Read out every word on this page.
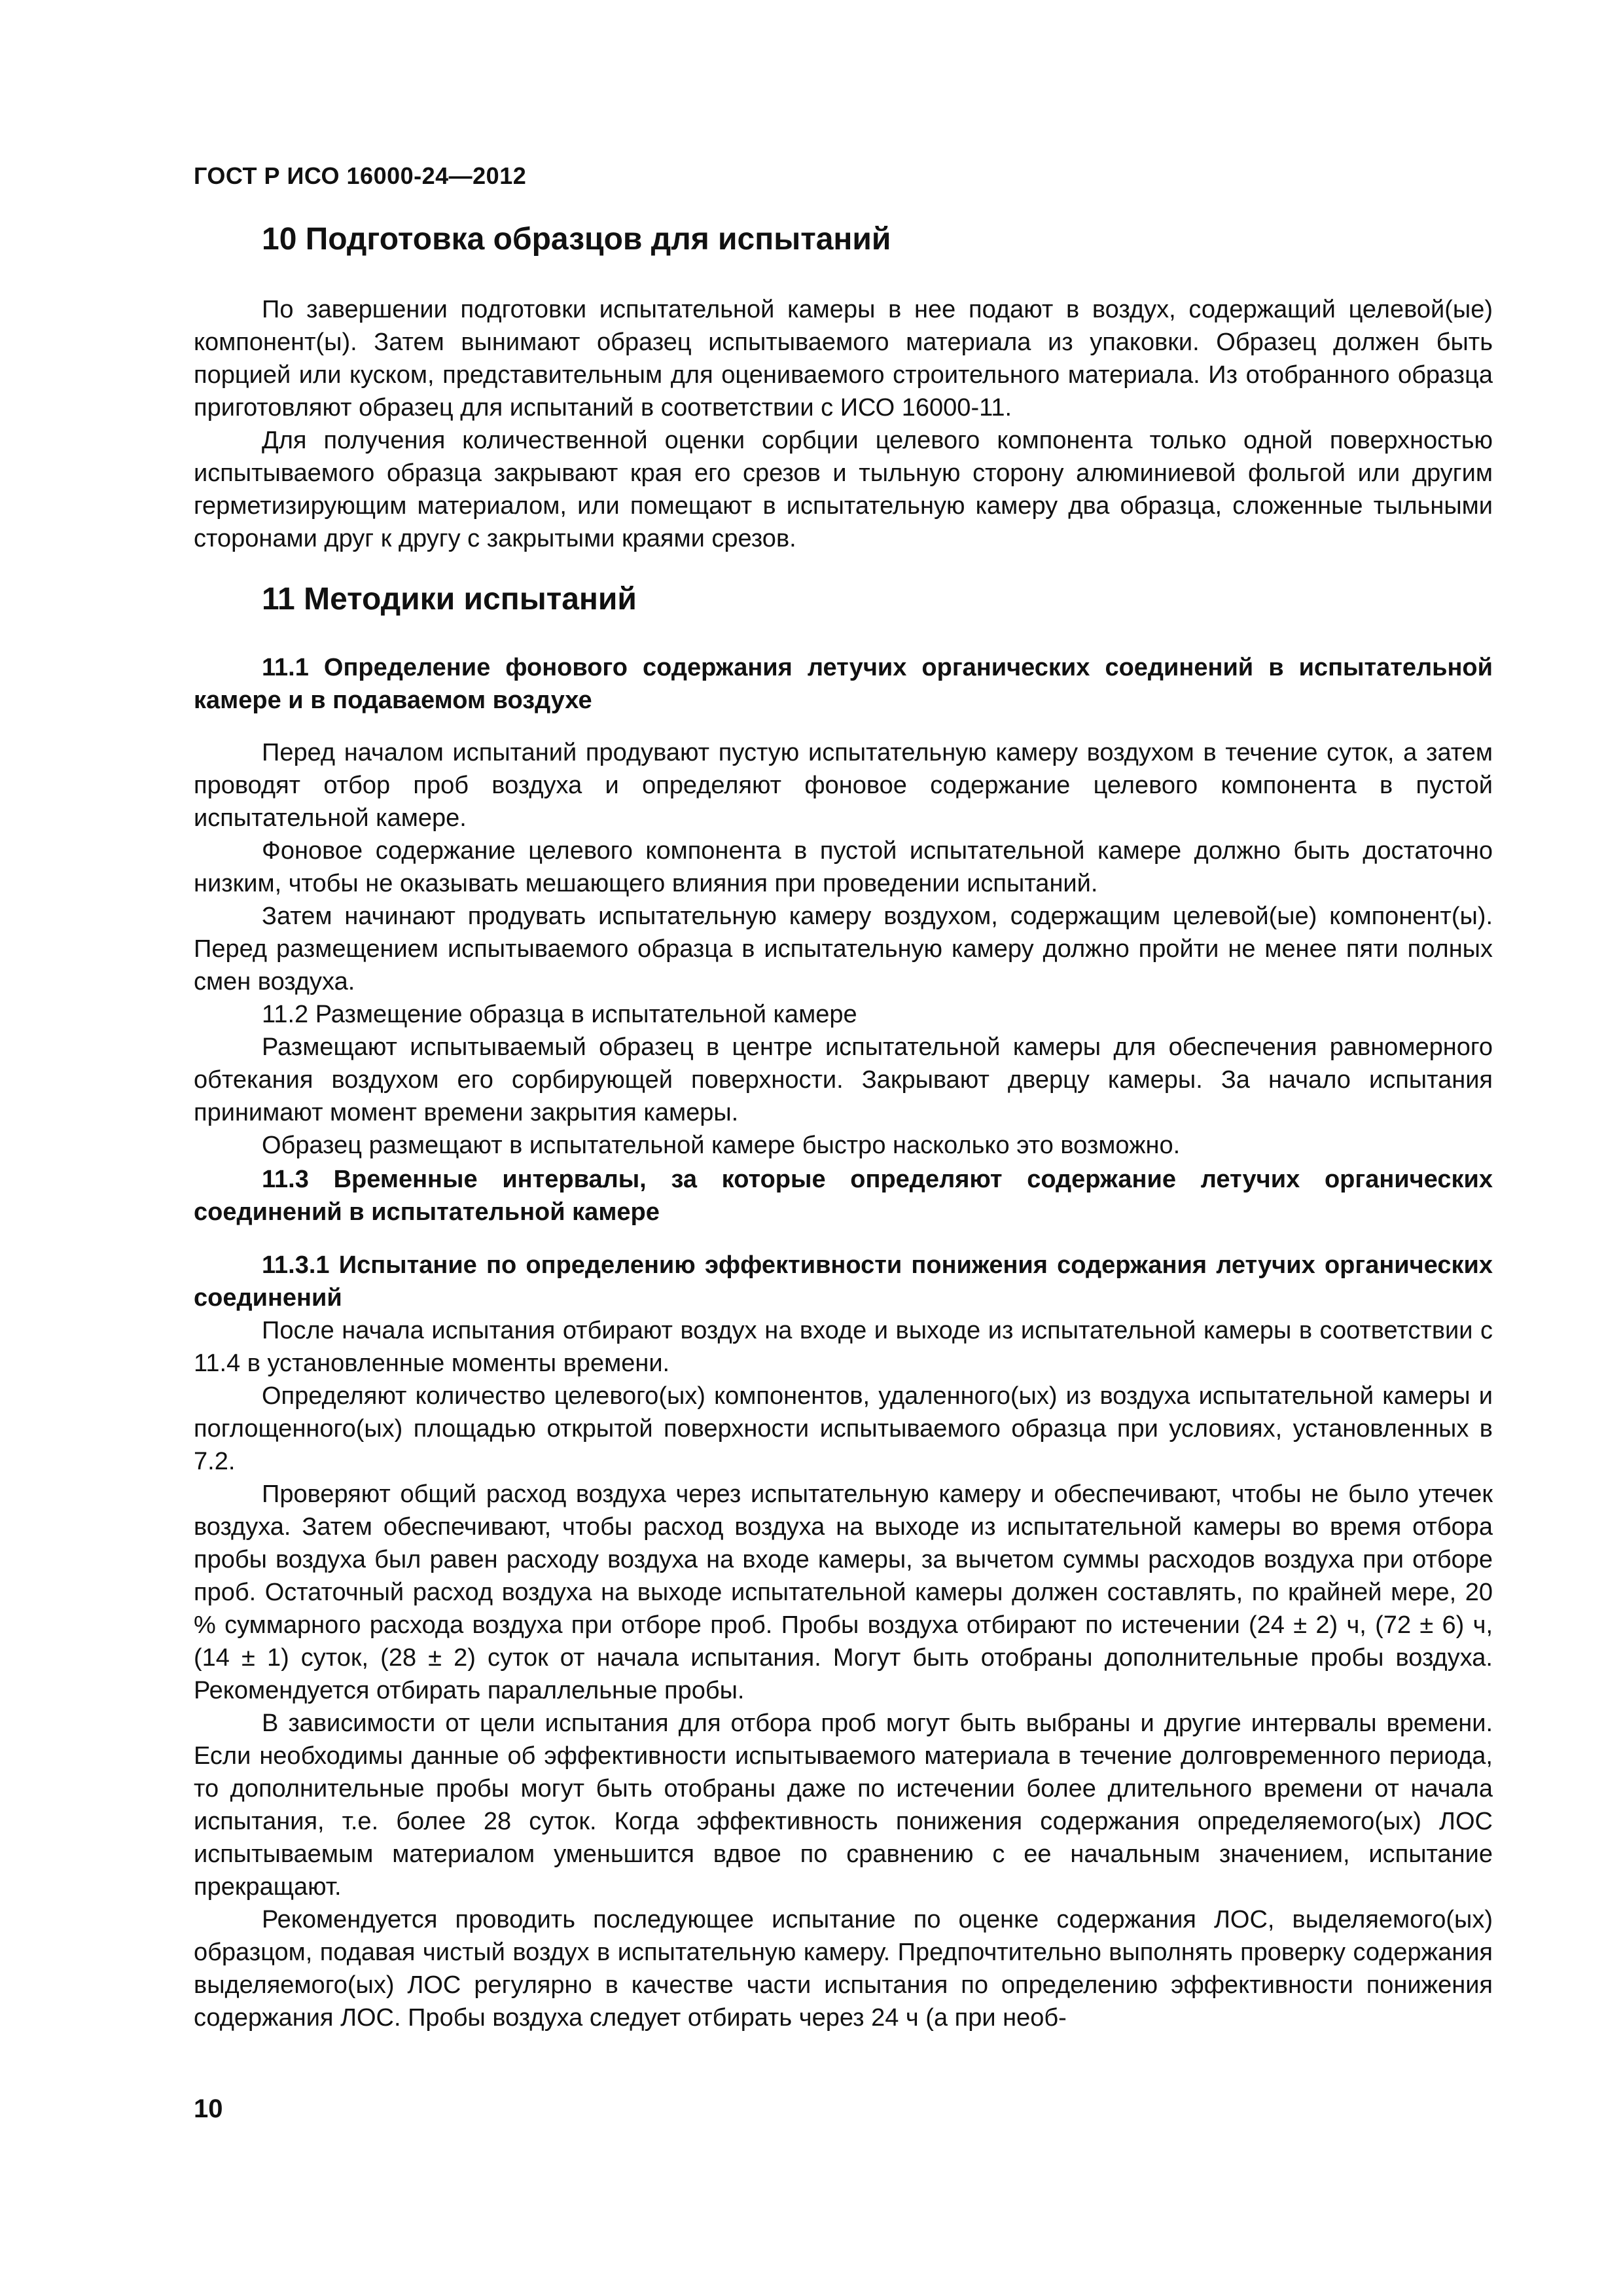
ГОСТ Р ИСО 16000-24—2012
10 Подготовка образцов для испытаний

По завершении подготовки испытательной камеры в нее подают в воздух, содержащий целевой(ые) компонент(ы). Затем вынимают образец испытываемого материала из упаковки. Образец должен быть порцией или куском, представительным для оцениваемого строительного материала. Из отобранного образца приготовляют образец для испытаний в соответствии с ИСО 16000-11.

Для получения количественной оценки сорбции целевого компонента только одной поверхностью испытываемого образца закрывают края его срезов и тыльную сторону алюминиевой фольгой или другим герметизирующим материалом, или помещают в испытательную камеру два образца, сложенные тыльными сторонами друг к другу с закрытыми краями срезов.

11 Методики испытаний

11.1 Определение фонового содержания летучих органических соединений в испытательной камере и в подаваемом воздухе

Перед началом испытаний продувают пустую испытательную камеру воздухом в течение суток, а затем проводят отбор проб воздуха и определяют фоновое содержание целевого компонента в пустой испытательной камере.

Фоновое содержание целевого компонента в пустой испытательной камере должно быть достаточно низким, чтобы не оказывать мешающего влияния при проведении испытаний.

Затем начинают продувать испытательную камеру воздухом, содержащим целевой(ые) компонент(ы). Перед размещением испытываемого образца в испытательную камеру должно пройти не менее пяти полных смен воздуха.

11.2 Размещение образца в испытательной камере

Размещают испытываемый образец в центре испытательной камеры для обеспечения равномерного обтекания воздухом его сорбирующей поверхности. Закрывают дверцу камеры. За начало испытания принимают момент времени закрытия камеры.

Образец размещают в испытательной камере быстро насколько это возможно.

11.3 Временные интервалы, за которые определяют содержание летучих органических соединений в испытательной камере

11.3.1 Испытание по определению эффективности понижения содержания летучих органических соединений

После начала испытания отбирают воздух на входе и выходе из испытательной камеры в соответствии с 11.4 в установленные моменты времени.

Определяют количество целевого(ых) компонентов, удаленного(ых) из воздуха испытательной камеры и поглощенного(ых) площадью открытой поверхности испытываемого образца при условиях, установленных в 7.2.

Проверяют общий расход воздуха через испытательную камеру и обеспечивают, чтобы не было утечек воздуха. Затем обеспечивают, чтобы расход воздуха на выходе из испытательной камеры во время отбора пробы воздуха был равен расходу воздуха на входе камеры, за вычетом суммы расходов воздуха при отборе проб. Остаточный расход воздуха на выходе испытательной камеры должен составлять, по крайней мере, 20 % суммарного расхода воздуха при отборе проб. Пробы воздуха отбирают по истечении (24 ± 2) ч, (72 ± 6) ч, (14 ± 1) суток, (28 ± 2) суток от начала испытания. Могут быть отобраны дополнительные пробы воздуха. Рекомендуется отбирать параллельные пробы.

В зависимости от цели испытания для отбора проб могут быть выбраны и другие интервалы времени. Если необходимы данные об эффективности испытываемого материала в течение долговременного периода, то дополнительные пробы могут быть отобраны даже по истечении более длительного времени от начала испытания, т.е. более 28 суток. Когда эффективность понижения содержания определяемого(ых) ЛОС испытываемым материалом уменьшится вдвое по сравнению с ее начальным значением, испытание прекращают.

Рекомендуется проводить последующее испытание по оценке содержания ЛОС, выделяемого(ых) образцом, подавая чистый воздух в испытательную камеру. Предпочтительно выполнять проверку содержания выделяемого(ых) ЛОС регулярно в качестве части испытания по определению эффективности понижения содержания ЛОС. Пробы воздуха следует отбирать через 24 ч (а при необ-

10
